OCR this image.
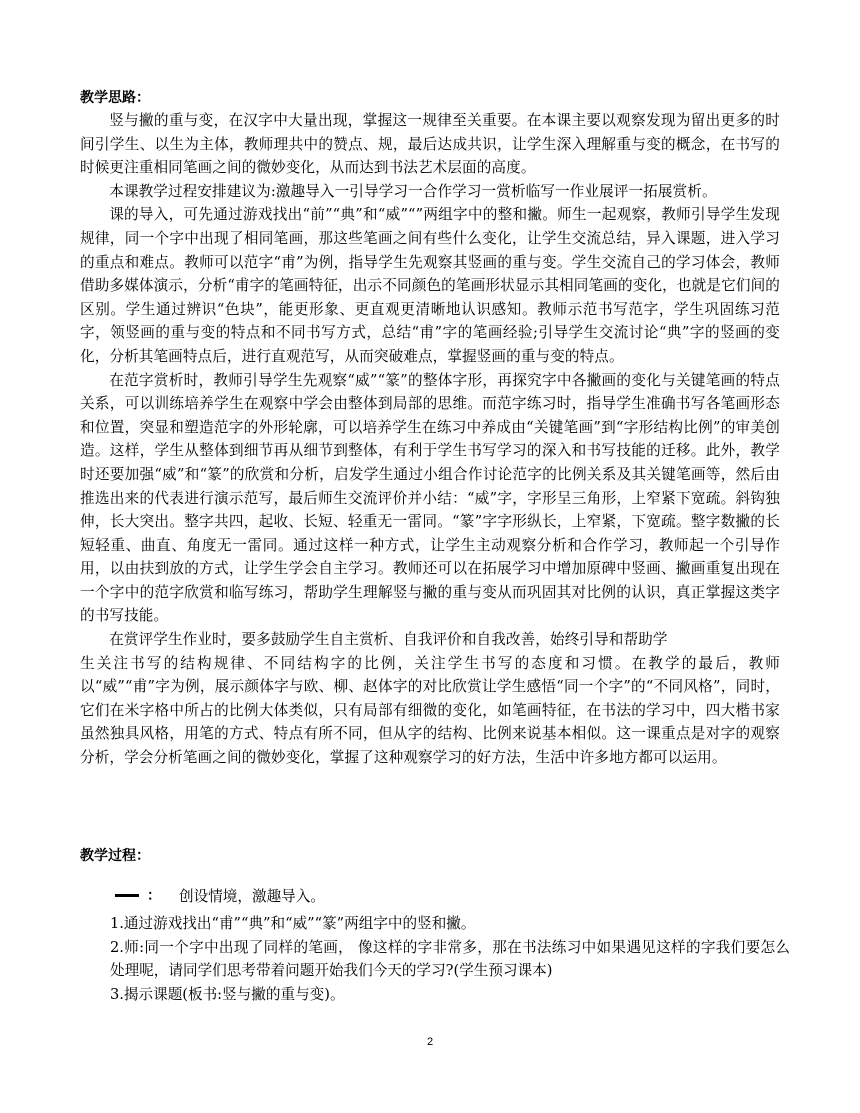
教学思路：

竖与撇的重与变，在汉字中大量出现，掌握这一规律至关重要。在本课主要以观察发现为留出更多的时间引学生、以生为主体，教师理共中的赞点、规，最后达成共识，让学生深入理解重与变的概念，在书写的时候更注重相同笔画之间的微妙变化，从而达到书法艺术层面的高度。

本课教学过程安排建议为:激趣导入一引导学习一合作学习一赏析临写一作业展评一拓展赏析。

课的导入，可先通过游戏找出“前”“典”和“威”“”两组字中的整和撇。师生一起观察，教师引导学生发现规律，同一个字中出现了相同笔画，那这些笔画之间有些什么变化，让学生交流总结，异入课题，进入学习的重点和难点。教师可以范字“甫”为例，指导学生先观察其竖画的重与变。学生交流自己的学习体会，教师借助多媒体演示，分析“甫字的笔画特征，出示不同颜色的笔画形状显示其相同笔画的变化，也就是它们间的区别。学生通过辨识“色块”，能更形象、更直观更清晰地认识感知。教师示范书写范字，学生巩固练习范字，领竖画的重与变的特点和不同书写方式，总结“甫”字的笔画经验;引导学生交流讨论“典”字的竖画的变化，分析其笔画特点后，进行直观范写，从而突破难点，掌握竖画的重与变的特点。

在范字赏析时，教师引导学生先观察“威”“篆”的整体字形，再探究字中各撇画的变化与关键笔画的特点关系，可以训练培养学生在观察中学会由整体到局部的思维。而范字练习时，指导学生准确书写各笔画形态和位置，突显和塑造范字的外形轮廓，可以培养学生在练习中养成由“关键笔画”到“字形结构比例”的审美创造。这样，学生从整体到细节再从细节到整体，有利于学生书写学习的深入和书写技能的迁移。此外，教学时还要加强“威”和“篆”的欣赏和分析，启发学生通过小组合作讨论范字的比例关系及其关键笔画等，然后由推选出来的代表进行演示范写，最后师生交流评价并小结：“威”字，字形呈三角形，上窄紧下宽疏。斜钩独伸，长大突出。整字共四，起收、长短、轻重无一雷同。“篆”字字形纵长，上窄紧，下宽疏。整字数撇的长短轻重、曲直、角度无一雷同。通过这样一种方式，让学生主动观察分析和合作学习，教师起一个引导作用，以由扶到放的方式，让学生学会自主学习。教师还可以在拓展学习中增加原碑中竖画、撇画重复出现在一个字中的范字欣赏和临写练习，帮助学生理解竖与撇的重与变从而巩固其对比例的认识，真正掌握这类字的书写技能。

在赏评学生作业时，要多鼓励学生自主赏析、自我评价和自我改善，始终引导和帮助学

生关注书写的结构规律、不同结构字的比例，关注学生书写的态度和习惯。在教学的最后，教师以“威”“甫”字为例，展示颜体字与欧、柳、赵体字的对比欣赏让学生感悟“同一个字”的“不同风格”，同时，它们在米字格中所占的比例大体类似，只有局部有细微的变化，如笔画特征，在书法的学习中，四大楷书家虽然独具风格，用笔的方式、特点有所不同，但从字的结构、比例来说基本相似。这一课重点是对字的观察分析，学会分析笔画之间的微妙变化，掌握了这种观察学习的好方法，生活中许多地方都可以运用。

教学过程：

： 创设情境，激趣导入。

1.通过游戏找出“甫”“典”和“威”“篆”两组字中的竖和撇。

2.师:同一个字中出现了同样的笔画， 像这样的字非常多，那在书法练习中如果遇见这样的字我们要怎么处理呢，请同学们思考带着问题开始我们今天的学习?(学生预习课本)

3.揭示课题(板书:竖与撇的重与变)。

2
